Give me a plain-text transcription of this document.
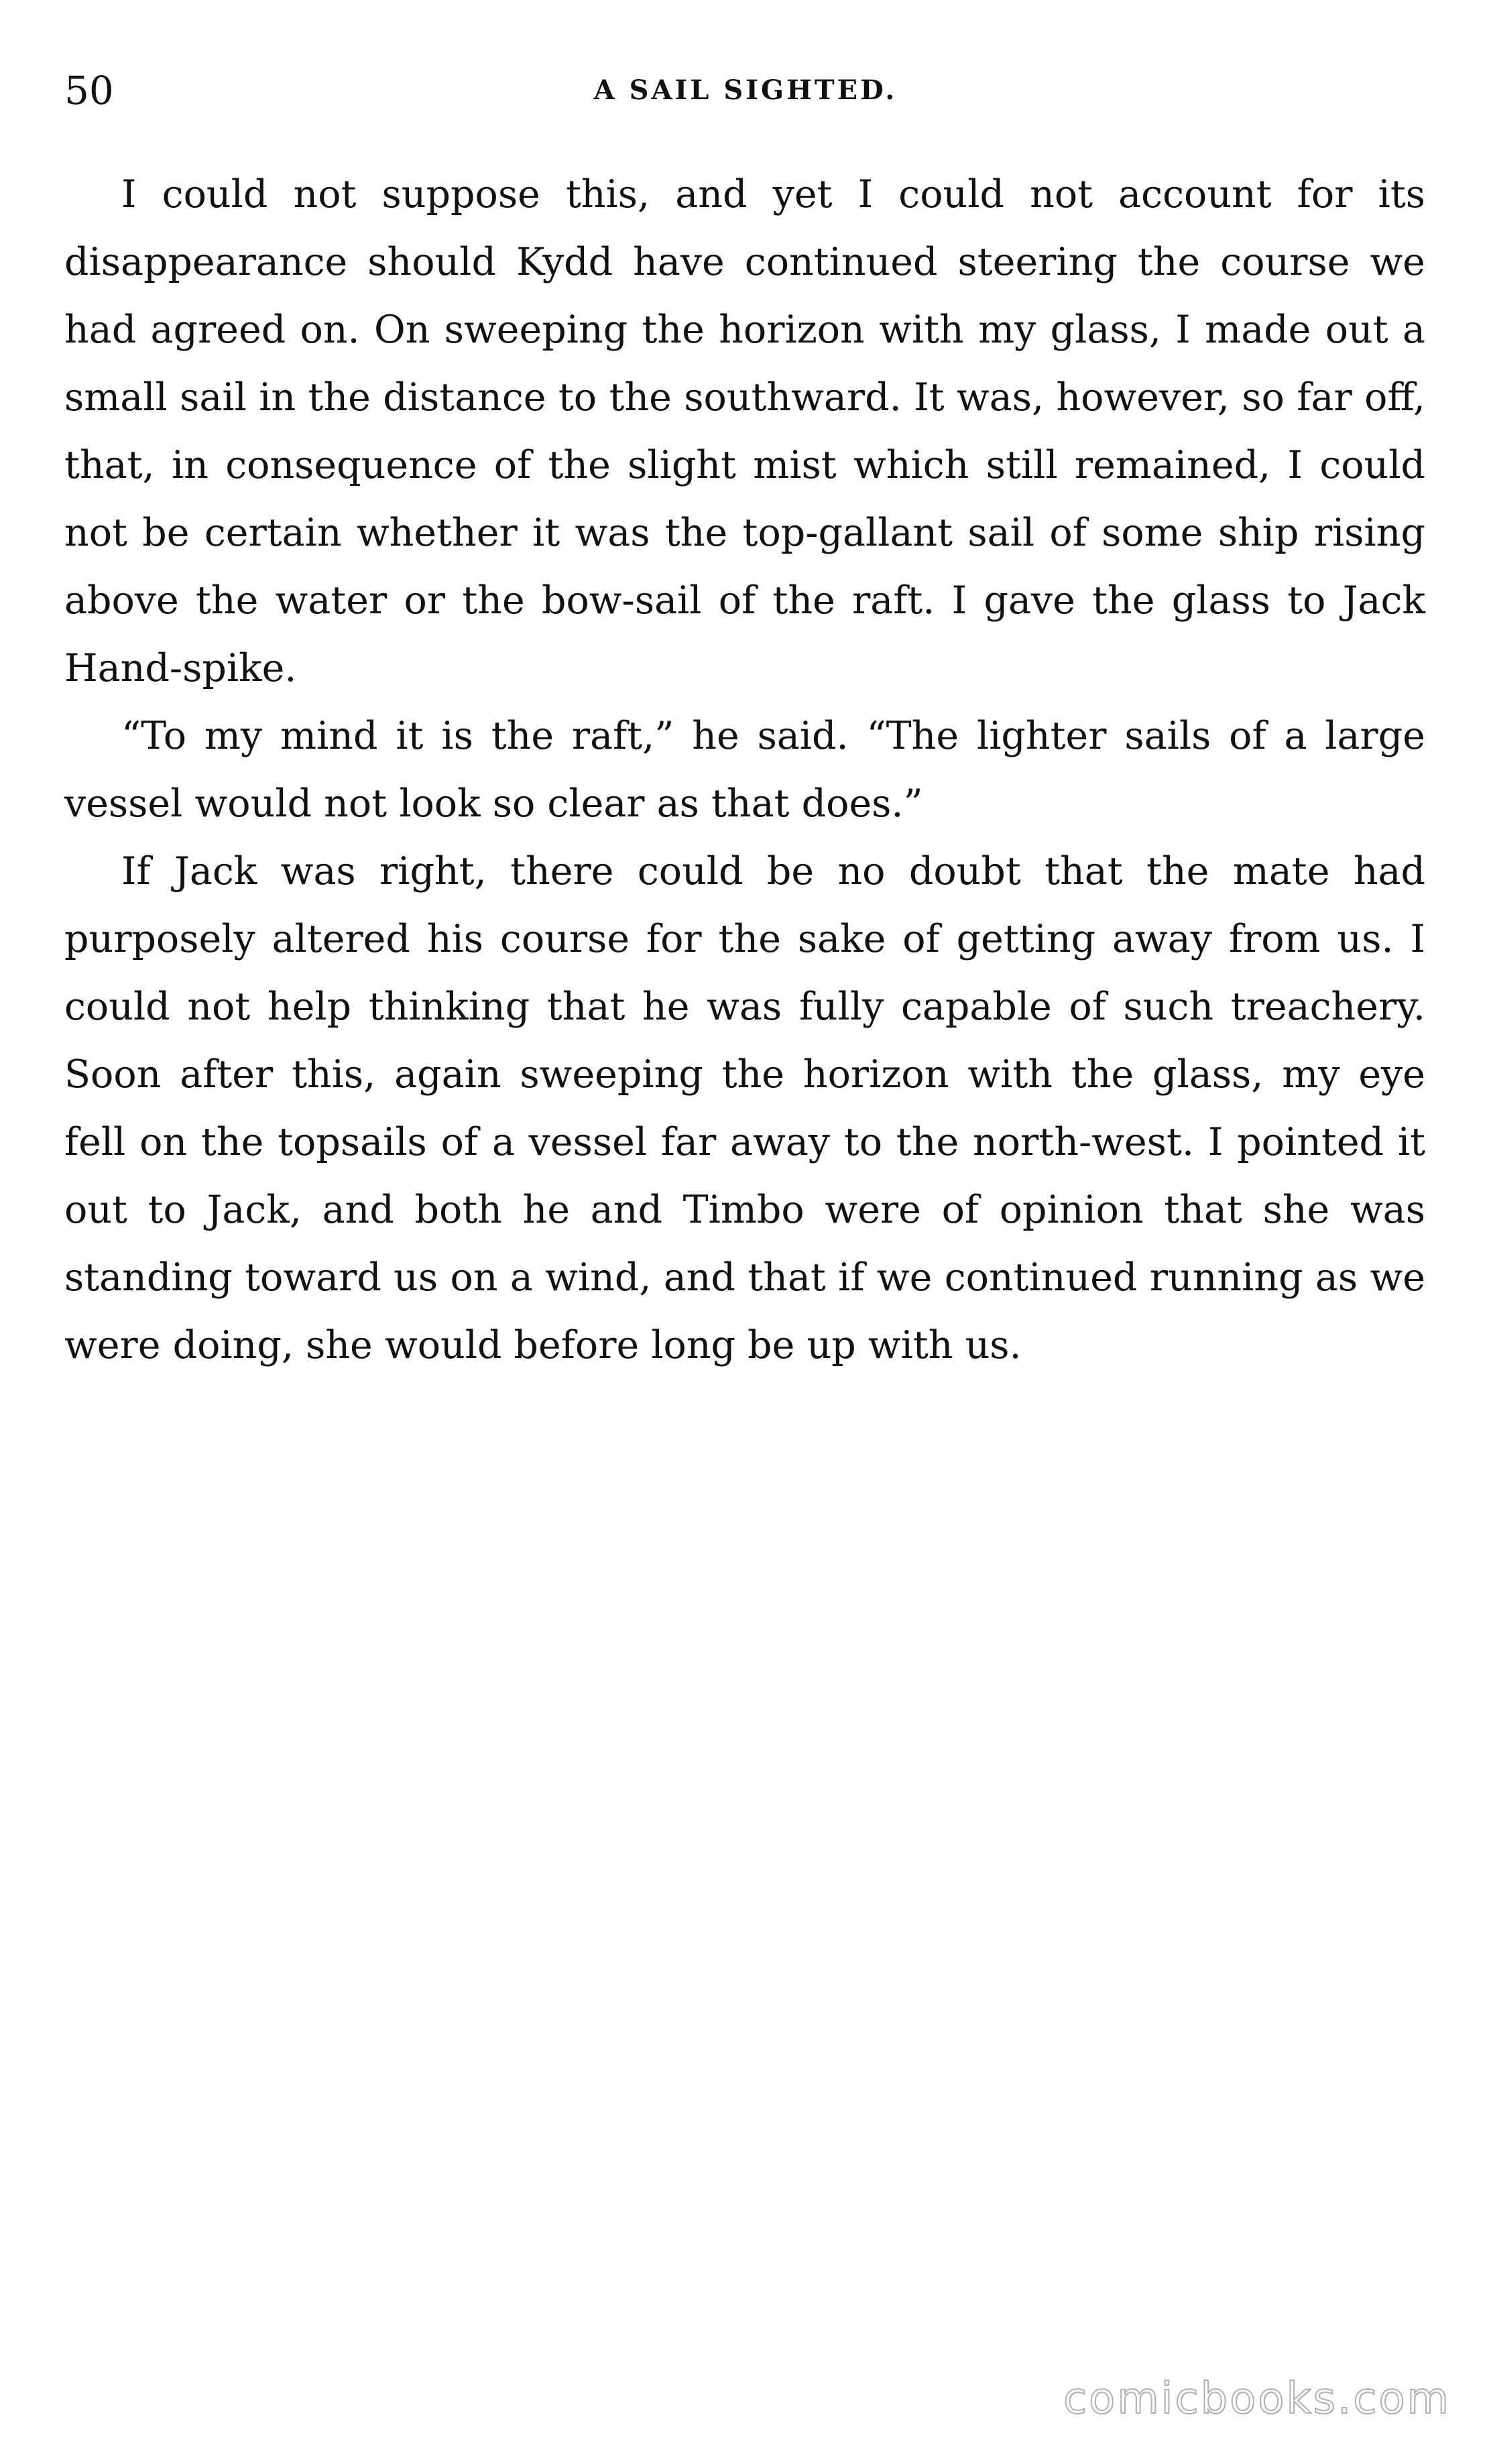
50	A SAIL SIGHTED.

I could not suppose this, and yet I could not account for its disappearance should Kydd have continued steering the course we had agreed on. On sweeping the horizon with my glass, I made out a small sail in the distance to the southward. It was, however, so far off, that, in consequence of the slight mist which still remained, I could not be certain whether it was the top-gallant sail of some ship rising above the water or the bow-sail of the raft. I gave the glass to Jack Hand-spike.

“To my mind it is the raft,” he said. “The lighter sails of a large vessel would not look so clear as that does.”

If Jack was right, there could be no doubt that the mate had purposely altered his course for the sake of getting away from us. I could not help thinking that he was fully capable of such treachery. Soon after this, again sweeping the horizon with the glass, my eye fell on the topsails of a vessel far away to the north-west. I pointed it out to Jack, and both he and Timbo were of opinion that she was standing toward us on a wind, and that if we continued running as we were doing, she would before long be up with us.

comicbooks.com
